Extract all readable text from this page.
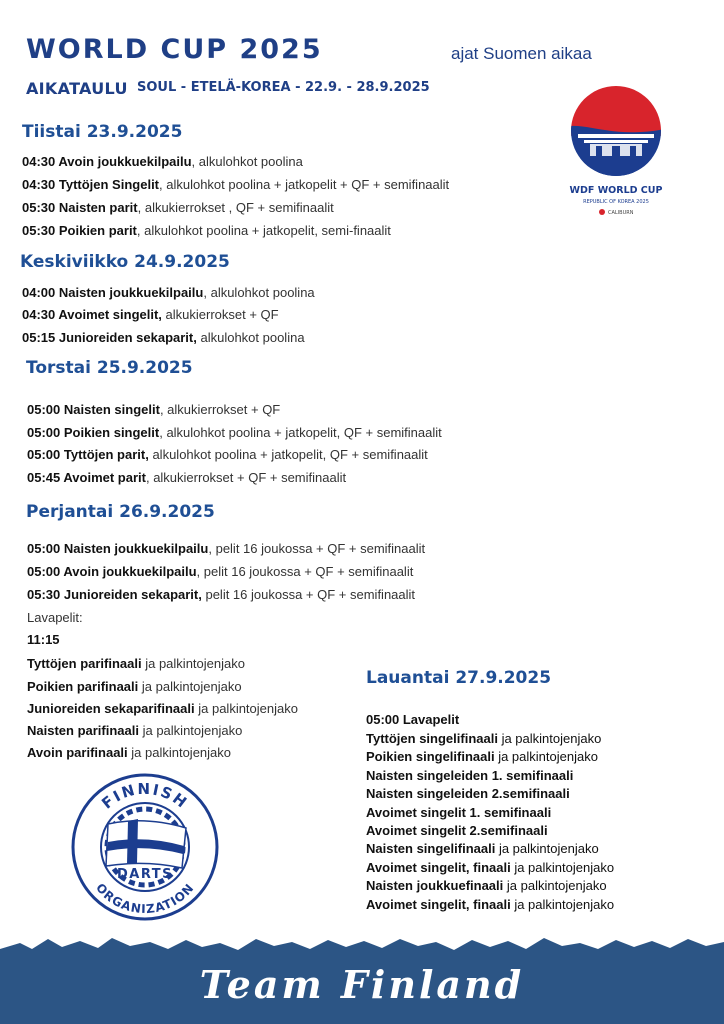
WORLD CUP 2025
AIKATAULU SOUL - ETELÄ-KOREA - 22.9. - 28.9.2025
ajat Suomen aikaa
WDF WORLD CUP
REPUBLIC OF KOREA 2025
CALIBURN
Tiistai 23.9.2025
04:30 Avoin joukkuekilpailu, alkulohkot poolina
04:30 Tyttöjen Singelit, alkulohkot poolina + jatkopelit + QF + semifinaalit
05:30 Naisten parit, alkukierrokset , QF + semifinaalit
05:30 Poikien parit, alkulohkot poolina + jatkopelit, semi-finaalit
Keskiviikko 24.9.2025
04:00 Naisten joukkuekilpailu, alkulohkot poolina
04:30 Avoimet singelit, alkukierrokset + QF
05:15 Junioreiden sekaparit, alkulohkot poolina
Torstai 25.9.2025
05:00 Naisten singelit, alkukierrokset + QF
05:00 Poikien singelit, alkulohkot poolina + jatkopelit, QF + semifinaalit
05:00 Tyttöjen parit, alkulohkot poolina + jatkopelit, QF + semifinaalit
05:45 Avoimet parit, alkukierrokset + QF + semifinaalit
Perjantai 26.9.2025
05:00 Naisten joukkuekilpailu, pelit 16 joukossa + QF + semifinaalit
05:00 Avoin joukkuekilpailu, pelit 16 joukossa + QF + semifinaalit
05:30 Junioreiden sekaparit, pelit 16 joukossa + QF + semifinaalit
Lavapelit:
11:15
Tyttöjen parifinaali ja palkintojenjako
Poikien parifinaali ja palkintojenjako
Junioreiden sekaparifinaali ja palkintojenjako
Naisten parifinaali ja palkintojenjako
Avoin parifinaali ja palkintojenjako
Lauantai 27.9.2025
05:00 Lavapelit
Tyttöjen singelifinaali ja palkintojenjako
Poikien singelifinaali ja palkintojenjako
Naisten singeleiden 1. semifinaali
Naisten singeleiden 2.semifinaali
Avoimet singelit 1. semifinaali
Avoimet singelit 2.semifinaali
Naisten singelifinaali ja palkintojenjako
Avoimet singelit, finaali ja palkintojenjako
Naisten joukkuefinaali ja palkintojenjako
Avoimet singelit, finaali ja palkintojenjako
FINNISH
DARTS
ORGANIZATION
Team Finland
